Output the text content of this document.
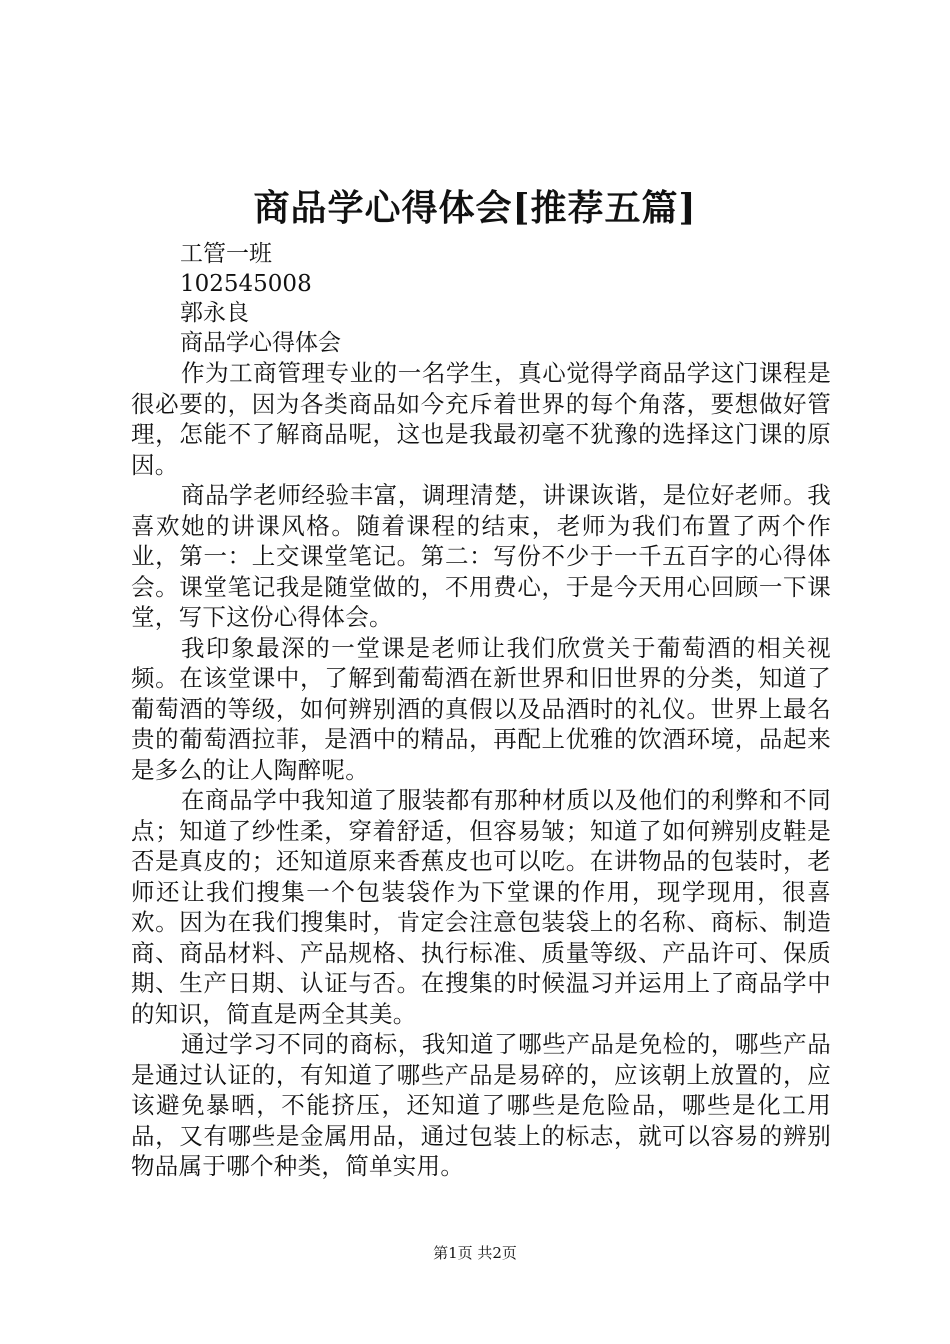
商品学心得体会[推荐五篇]
工管一班
102545008
郭永良
商品学心得体会

作为工商管理专业的一名学生，真心觉得学商品学这门课程是很必要的，因为各类商品如今充斥着世界的每个角落，要想做好管理，怎能不了解商品呢，这也是我最初毫不犹豫的选择这门课的原因。

商品学老师经验丰富，调理清楚，讲课诙谐，是位好老师。我喜欢她的讲课风格。随着课程的结束，老师为我们布置了两个作业，第一：上交课堂笔记。第二：写份不少于一千五百字的心得体会。课堂笔记我是随堂做的，不用费心，于是今天用心回顾一下课堂，写下这份心得体会。

我印象最深的一堂课是老师让我们欣赏关于葡萄酒的相关视频。在该堂课中，了解到葡萄酒在新世界和旧世界的分类，知道了葡萄酒的等级，如何辨别酒的真假以及品酒时的礼仪。世界上最名贵的葡萄酒拉菲，是酒中的精品，再配上优雅的饮酒环境，品起来是多么的让人陶醉呢。

在商品学中我知道了服装都有那种材质以及他们的利弊和不同点；知道了纱性柔，穿着舒适，但容易皱；知道了如何辨别皮鞋是否是真皮的；还知道原来香蕉皮也可以吃。在讲物品的包装时，老师还让我们搜集一个包装袋作为下堂课的作用，现学现用，很喜欢。因为在我们搜集时，肯定会注意包装袋上的名称、商标、制造商、商品材料、产品规格、执行标准、质量等级、产品许可、保质期、生产日期、认证与否。在搜集的时候温习并运用上了商品学中的知识，简直是两全其美。

通过学习不同的商标，我知道了哪些产品是免检的，哪些产品是通过认证的，有知道了哪些产品是易碎的，应该朝上放置的，应该避免暴晒，不能挤压，还知道了哪些是危险品，哪些是化工用品，又有哪些是金属用品，通过包装上的标志，就可以容易的辨别物品属于哪个种类，简单实用。

第1页 共2页
